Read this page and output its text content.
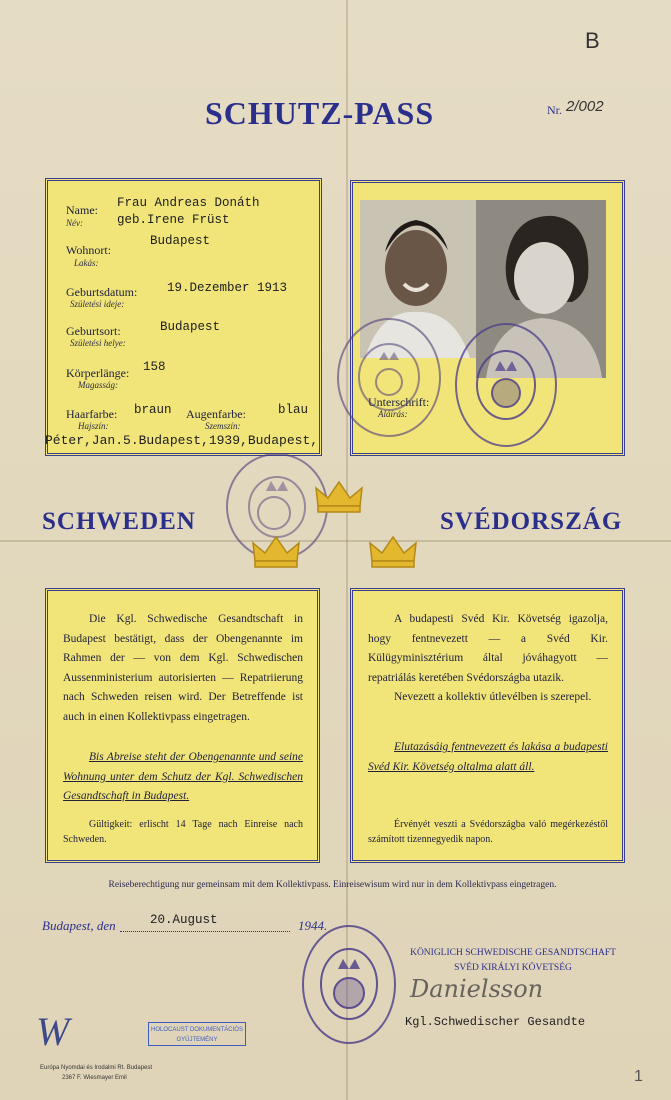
B
SCHUTZ-PASS	Nr. 2/002
Name:
Név:
Frau Andreas Donáth
geb.Irene Früst
Wohnort:
Lakás:
Budapest
Geburtsdatum:
Születési ideje:
19.Dezember 1913
Geburtsort:
Születési helye:
Budapest
Körperlänge:
Magasság:
158
Haarfarbe:
Hajszín:
braun Augenfarbe:
Szemszín:
blau
Péter,Jan.5.Budapest,1939,Budapest,
Unterschrift:
Aláírás:
SCHWEDEN	SVÉDORSZÁG
Die Kgl. Schwedische Gesandtschaft in Budapest bestätigt, dass der Obengenannte im Rahmen der — von dem Kgl. Schwedischen Aussenministerium autorisierten — Repatriierung nach Schweden reisen wird. Der Betreffende ist auch in einen Kollektivpass eingetragen.
Bis Abreise steht der Obengenannte und seine Wohnung unter dem Schutz der Kgl. Schwedischen Gesandtschaft in Budapest.
Gültigkeit: erlischt 14 Tage nach Einreise nach Schweden.
A budapesti Svéd Kir. Követség igazolja, hogy fentnevezett — a Svéd Kir. Külügyminisztérium által jóváhagyott — repatriálás keretében Svédországba utazik.
Nevezett a kollektiv útlevélben is szerepel.
Elutazásáig fentnevezett és lakása a budapesti Svéd Kir. Követség oltalma alatt áll.
Érvényét veszti a Svédországba való megérkezéstől számított tizennegyedik napon.
Reiseberechtigung nur gemeinsam mit dem Kollektivpass. Einreisewisum wird nur in dem Kollektivpass eingetragen.
Budapest, den	20.August	1944.
KÖNIGLICH SCHWEDISCHE GESANDTSCHAFT
SVÉD KIRÁLYI KÖVETSÉG
Danielsson
Kgl.Schwedischer Gesandte
W	HOLOCAUST DOKUMENTÁCIÓS
GYŰJTEMÉNY
Európa Nyomdai és Irodalmi Rt. Budapest
2367 F. Wiesmayer Emil	1
